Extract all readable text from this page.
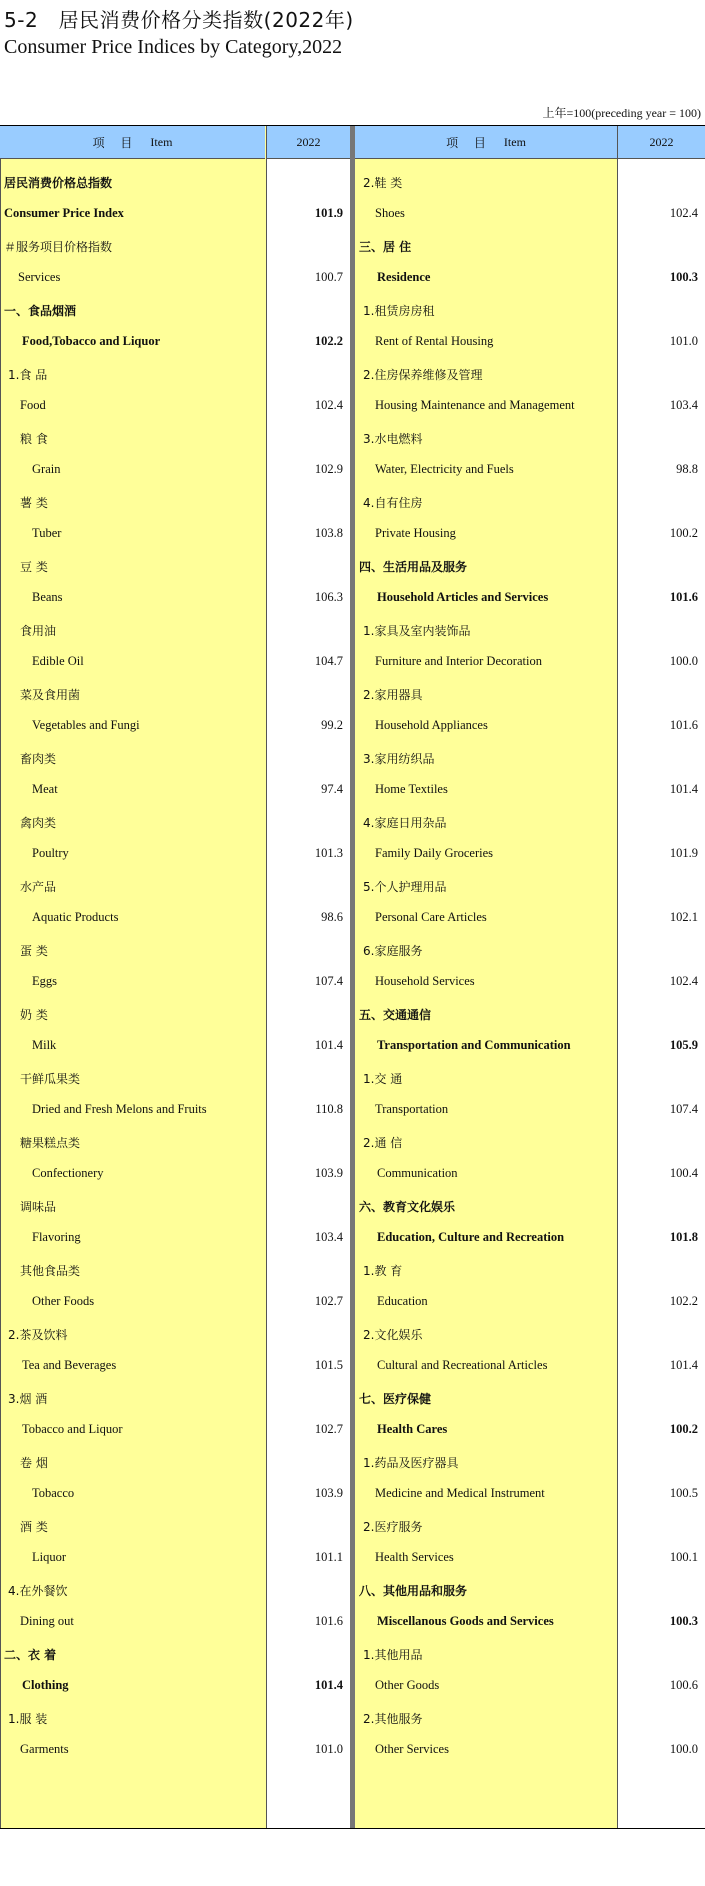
5-2　居民消费价格分类指数(2022年)
Consumer Price Indices by Category,2022
上年=100(preceding year = 100)
项 目 Item	2022
居民消费价格总指数
Consumer Price Index	101.9
＃服务项目价格指数
Services	100.7
一、食品烟酒
Food,Tobacco and Liquor	102.2
1.食 品
Food	102.4
粮 食
Grain	102.9
薯 类
Tuber	103.8
豆 类
Beans	106.3
食用油
Edible Oil	104.7
菜及食用菌
Vegetables and Fungi	99.2
畜肉类
Meat	97.4
禽肉类
Poultry	101.3
水产品
Aquatic Products	98.6
蛋 类
Eggs	107.4
奶 类
Milk	101.4
干鲜瓜果类
Dried and Fresh Melons and Fruits	110.8
糖果糕点类
Confectionery	103.9
调味品
Flavoring	103.4
其他食品类
Other Foods	102.7
2.茶及饮料
Tea and Beverages	101.5
3.烟 酒
Tobacco and Liquor	102.7
卷 烟
Tobacco	103.9
酒 类
Liquor	101.1
4.在外餐饮
Dining out	101.6
二、衣 着
Clothing	101.4
1.服 装
Garments	101.0
项 目 Item	2022
2.鞋 类
Shoes	102.4
三、居 住
Residence	100.3
1.租赁房房租
Rent of Rental Housing	101.0
2.住房保养维修及管理
Housing Maintenance and Management	103.4
3.水电燃料
Water, Electricity and Fuels	98.8
4.自有住房
Private Housing	100.2
四、生活用品及服务
Household Articles and Services	101.6
1.家具及室内装饰品
Furniture and Interior Decoration	100.0
2.家用器具
Household Appliances	101.6
3.家用纺织品
Home Textiles	101.4
4.家庭日用杂品
Family Daily Groceries	101.9
5.个人护理用品
Personal Care Articles	102.1
6.家庭服务
Household Services	102.4
五、交通通信
Transportation and Communication	105.9
1.交 通
Transportation	107.4
2.通 信
Communication	100.4
六、教育文化娱乐
Education, Culture and Recreation	101.8
1.教 育
Education	102.2
2.文化娱乐
Cultural and Recreational Articles	101.4
七、医疗保健
Health Cares	100.2
1.药品及医疗器具
Medicine and Medical Instrument	100.5
2.医疗服务
Health Services	100.1
八、其他用品和服务
Miscellanous Goods and Services	100.3
1.其他用品
Other Goods	100.6
2.其他服务
Other Services	100.0
